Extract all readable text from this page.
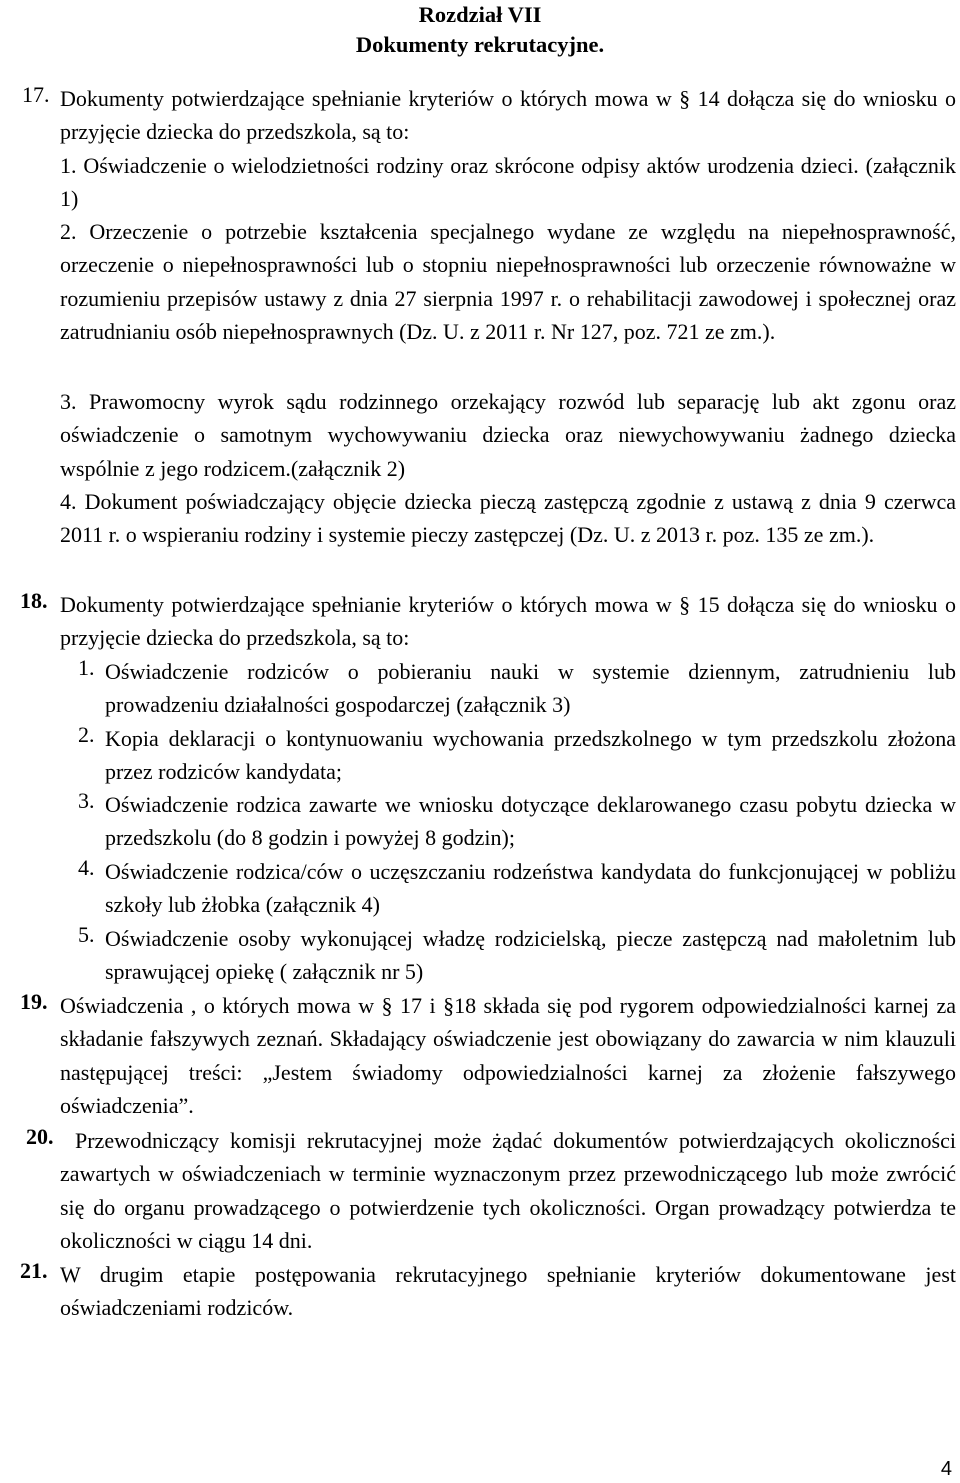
Rozdział VII
Dokumenty rekrutacyjne.
17. Dokumenty potwierdzające spełnianie kryteriów o których mowa w § 14 dołącza się do wniosku o przyjęcie dziecka do przedszkola, są to:

1. Oświadczenie o wielodzietności rodziny oraz skrócone odpisy aktów urodzenia dzieci. (załącznik 1)

2. Orzeczenie o potrzebie kształcenia specjalnego wydane ze względu na niepełnosprawność, orzeczenie o niepełnosprawności lub o stopniu niepełnosprawności lub orzeczenie równoważne w rozumieniu przepisów ustawy z dnia 27 sierpnia 1997 r. o rehabilitacji zawodowej i społecznej oraz zatrudnianiu osób niepełnosprawnych (Dz. U. z 2011 r. Nr 127, poz. 721 ze zm.).

3. Prawomocny wyrok sądu rodzinnego orzekający rozwód lub separację lub akt zgonu oraz oświadczenie o samotnym wychowywaniu dziecka oraz niewychowywaniu żadnego dziecka wspólnie z jego rodzicem.(załącznik 2)

4. Dokument poświadczający objęcie dziecka pieczą zastępczą zgodnie z ustawą z dnia 9 czerwca 2011 r. o wspieraniu rodziny i systemie pieczy zastępczej (Dz. U. z 2013 r. poz. 135 ze zm.).

18. Dokumenty potwierdzające spełnianie kryteriów o których mowa w § 15 dołącza się do wniosku o przyjęcie dziecka do przedszkola, są to:

1. Oświadczenie rodziców o pobieraniu nauki w systemie dziennym, zatrudnieniu lub prowadzeniu działalności gospodarczej (załącznik 3)

2. Kopia deklaracji o kontynuowaniu wychowania przedszkolnego w tym przedszkolu złożona przez rodziców kandydata;

3. Oświadczenie rodzica zawarte we wniosku dotyczące deklarowanego czasu pobytu dziecka w przedszkolu (do 8 godzin i powyżej 8 godzin);

4. Oświadczenie rodzica/ców o uczęszczaniu rodzeństwa kandydata do funkcjonującej w pobliżu szkoły lub żłobka (załącznik 4)

5. Oświadczenie osoby wykonującej władzę rodzicielską, piecze zastępczą nad małoletnim lub sprawującej opiekę ( załącznik nr 5)

19. Oświadczenia , o których mowa w § 17 i §18 składa się pod rygorem odpowiedzialności karnej za składanie fałszywych zeznań. Składający oświadczenie jest obowiązany do zawarcia w nim klauzuli następującej treści: „Jestem świadomy odpowiedzialności karnej za złożenie fałszywego oświadczenia”.

20. Przewodniczący komisji rekrutacyjnej może żądać dokumentów potwierdzających okoliczności zawartych w oświadczeniach w terminie wyznaczonym przez przewodniczącego lub może zwrócić się do organu prowadzącego o potwierdzenie tych okoliczności. Organ prowadzący potwierdza te okoliczności w ciągu 14 dni.

21. W drugim etapie postępowania rekrutacyjnego spełnianie kryteriów dokumentowane jest oświadczeniami rodziców.

4
